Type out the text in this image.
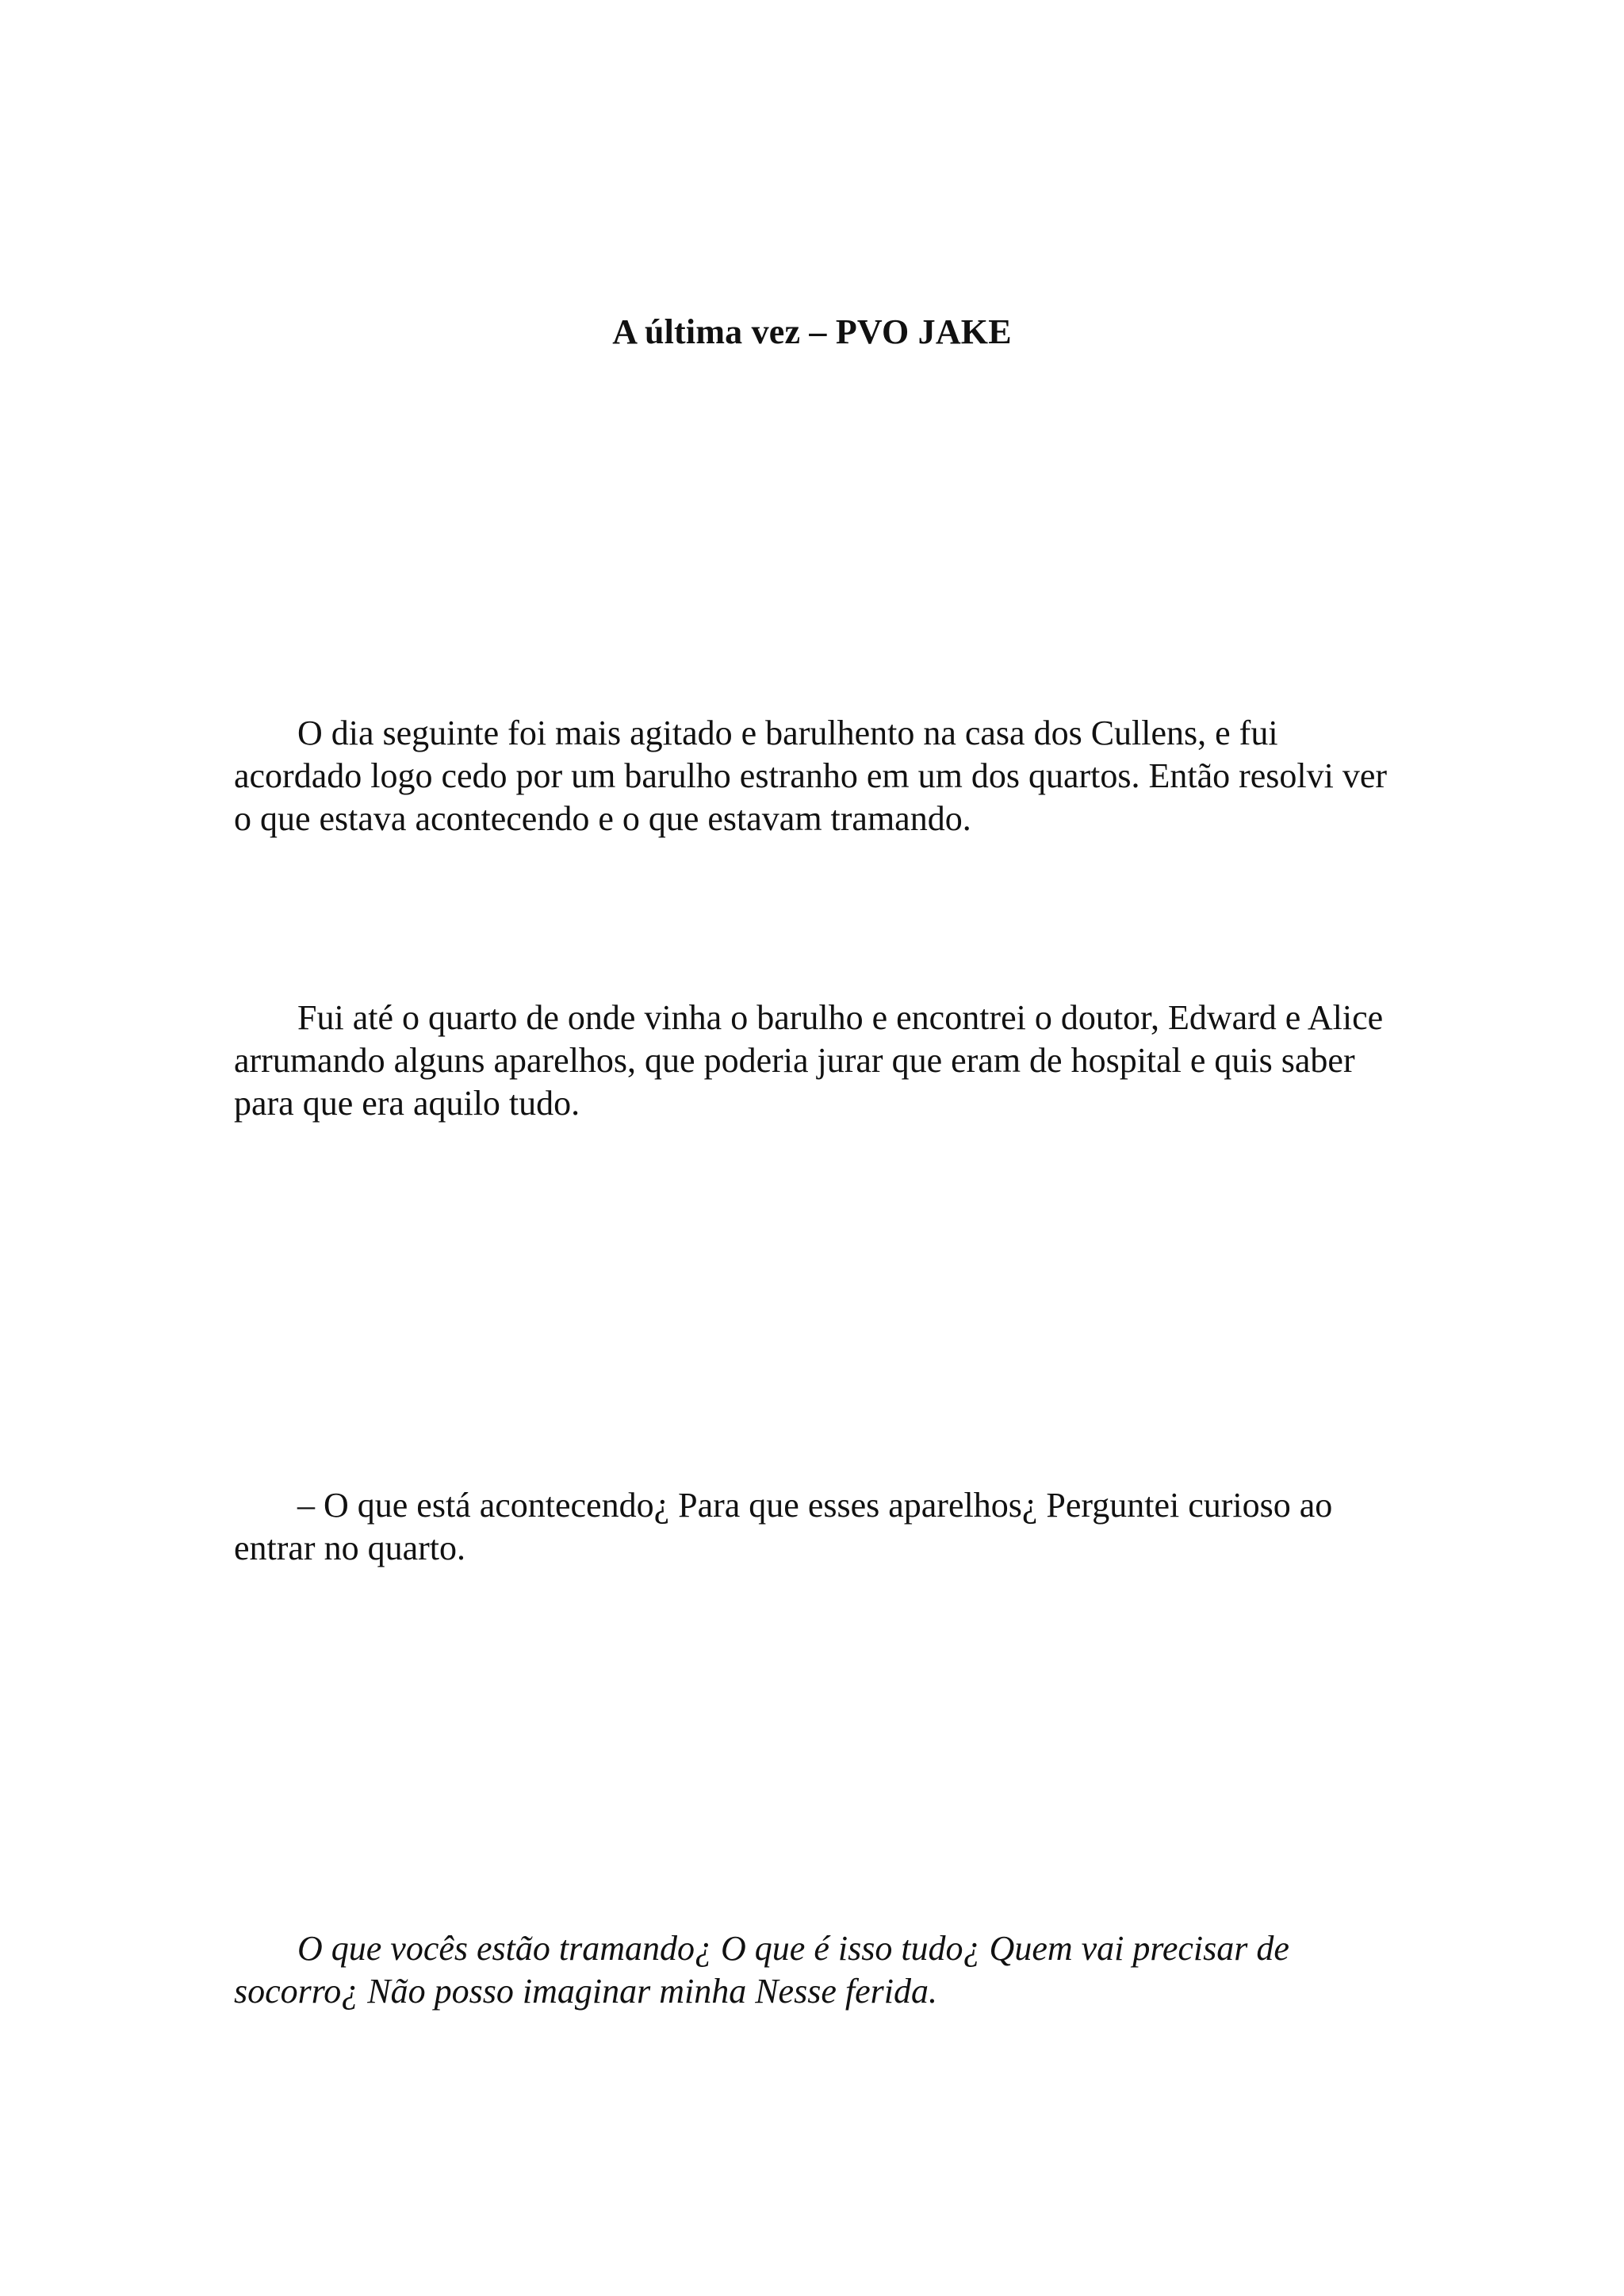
A última vez – PVO JAKE

O dia seguinte foi mais agitado e barulhento na casa dos Cullens, e fui acordado logo cedo por um barulho estranho em um dos quartos. Então resolvi ver o que estava acontecendo e o que estavam tramando.

Fui até o quarto de onde vinha o barulho e encontrei o doutor, Edward e Alice arrumando alguns aparelhos, que poderia jurar que eram de hospital e quis saber para que era aquilo tudo.

– O que está acontecendo¿ Para que esses aparelhos¿ Perguntei curioso ao entrar no quarto.

O que vocês estão tramando¿ O que é isso tudo¿ Quem vai precisar de socorro¿ Não posso imaginar minha Nesse ferida.
